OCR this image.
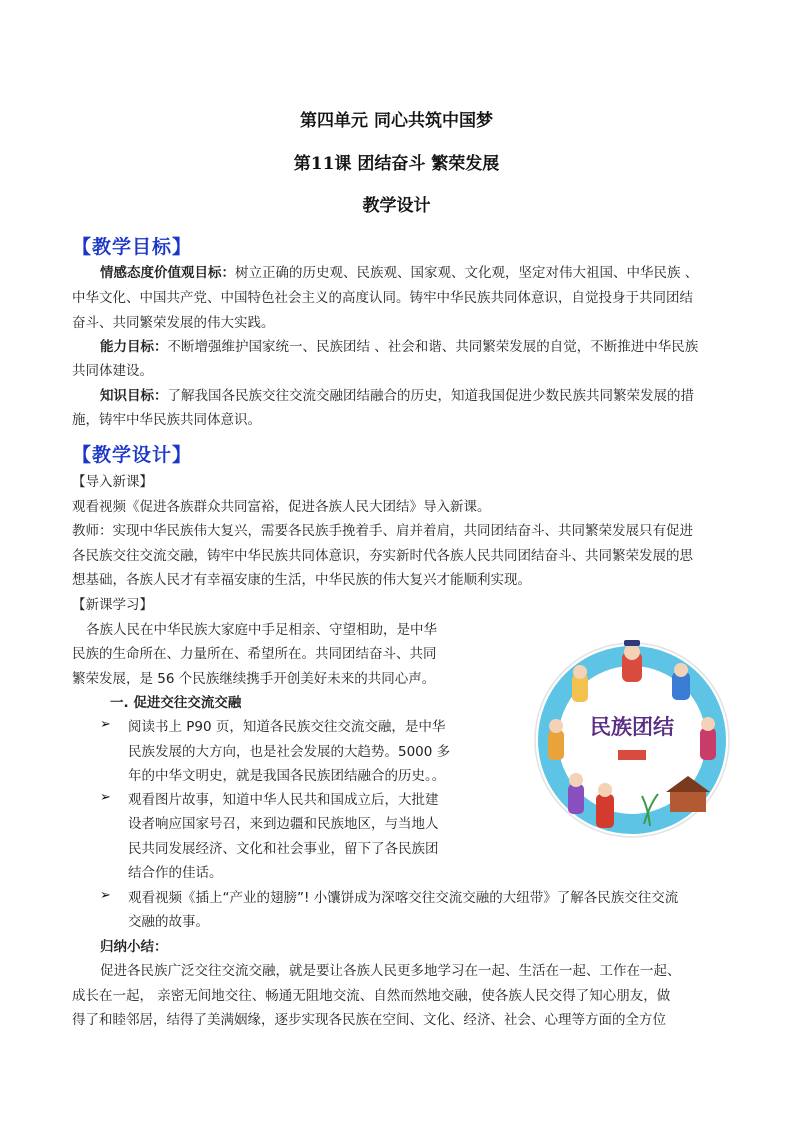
第四单元 同心共筑中国梦
第11课 团结奋斗 繁荣发展
教学设计
【教学目标】
情感态度价值观目标：树立正确的历史观、民族观、国家观、文化观，坚定对伟大祖国、中华民族 、
中华文化、中国共产党、中国特色社会主义的高度认同。铸牢中华民族共同体意识，自觉投身于共同团结
奋斗、共同繁荣发展的伟大实践。
能力目标：不断增强维护国家统一、民族团结 、社会和谐、共同繁荣发展的自觉，不断推进中华民族
共同体建设。
知识目标：了解我国各民族交往交流交融团结融合的历史，知道我国促进少数民族共同繁荣发展的措
施，铸牢中华民族共同体意识。
【教学设计】
【导入新课】
观看视频《促进各族群众共同富裕，促进各族人民大团结》导入新课。
教师：实现中华民族伟大复兴，需要各民族手挽着手、肩并着肩，共同团结奋斗、共同繁荣发展只有促进
各民族交往交流交融，铸牢中华民族共同体意识，夯实新时代各族人民共同团结奋斗、共同繁荣发展的思
想基础，各族人民才有幸福安康的生活，中华民族的伟大复兴才能顺利实现。
【新课学习】
各族人民在中华民族大家庭中手足相亲、守望相助，是中华
民族的生命所在、力量所在、希望所在。共同团结奋斗、共同
繁荣发展，是 56 个民族继续携手开创美好未来的共同心声。
一. 促进交往交流交融
➢ 阅读书上 P90 页，知道各民族交往交流交融，是中华
民族发展的大方向，也是社会发展的大趋势。5000 多
年的中华文明史，就是我国各民族团结融合的历史。。
➢ 观看图片故事，知道中华人民共和国成立后，大批建
设者响应国家号召，来到边疆和民族地区，与当地人
民共同发展经济、文化和社会事业，留下了各民族团
结合作的佳话。
➢ 观看视频《插上“产业的翅膀”! 小馕饼成为深喀交往交流交融的大纽带》了解各民族交往交流
交融的故事。
归纳小结：
促进各民族广泛交往交流交融，就是要让各族人民更多地学习在一起、生活在一起、工作在一起、
成长在一起， 亲密无间地交往、畅通无阻地交流、自然而然地交融，使各族人民交得了知心朋友，做
得了和睦邻居，结得了美满姻缘，逐步实现各民族在空间、文化、经济、社会、心理等方面的全方位
民族团结
